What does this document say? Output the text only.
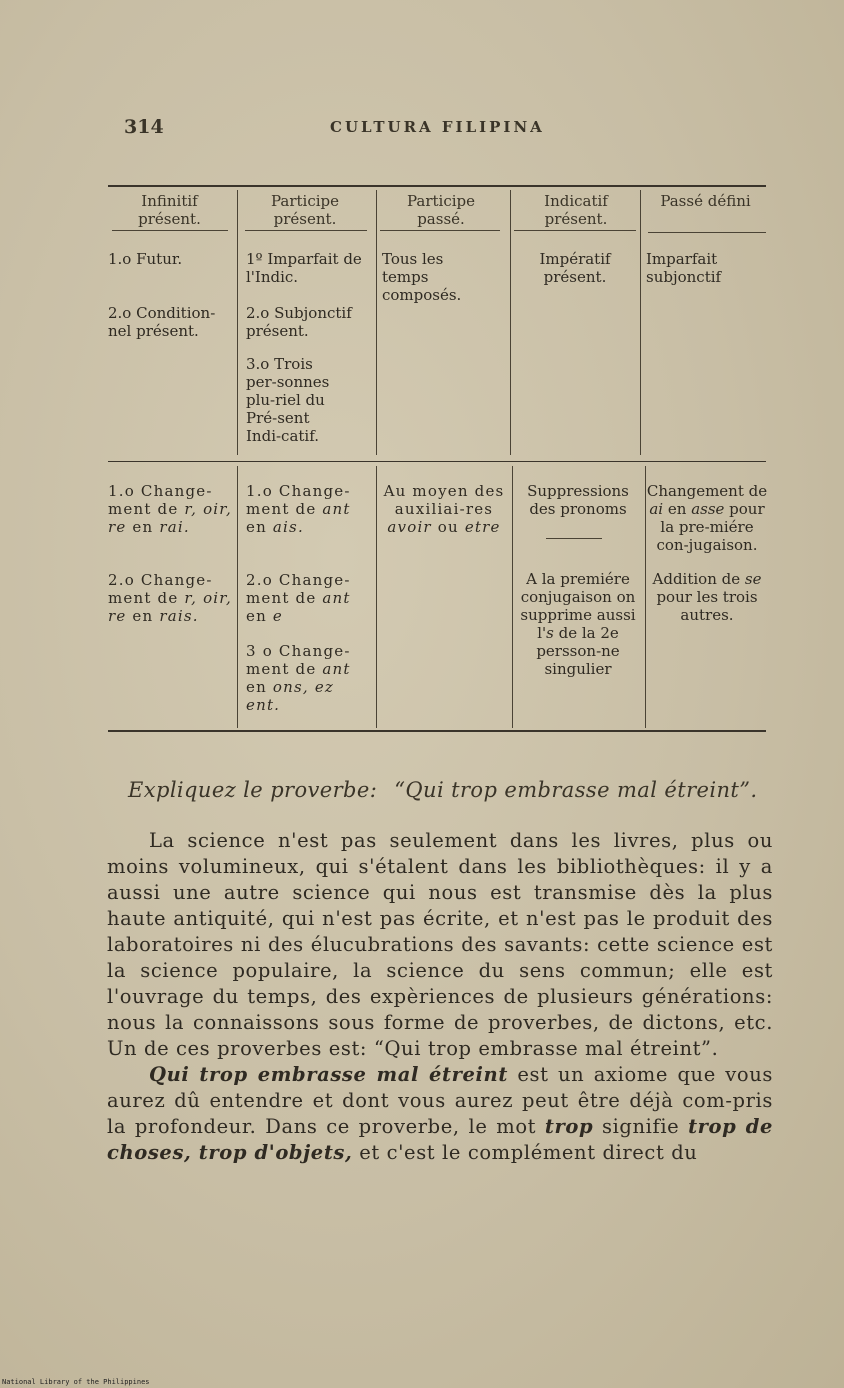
314	CULTURA FILIPINA
Infinitif présent.
Participe présent.
Participe passé.
Indicatif présent.
Passé défini
1.o Futur.
2.o Condition-nel présent.
1º Imparfait de l'Indic.
2.o Subjonctif présent.
3.o Trois per-sonnes plu-riel du Pré-sent Indi-catif.
Tous les temps composés.
Impératif présent.
Imparfait subjonctif
1.o Change-ment de r, oir, re en rai.
2.o Change-ment de r, oir, re en rais.
1.o Change-ment de ant en ais.
2.o Change-ment de ant en e
3 o Change-ment de ant en ons, ez ent.
Au moyen des auxiliai-res avoir ou etre
Suppressions des pronoms
A la premiére conjugaison on supprime aussi l's de la 2e persson-ne singulier
Changement de ai en asse pour la pre-miére con-jugaison.
Addition de se pour les trois autres.
Expliquez le proverbe: “Qui trop embrasse mal étreint”.

La science n'est pas seulement dans les livres, plus ou moins volumineux, qui s'étalent dans les bibliothèques: il y a aussi une autre science qui nous est transmise dès la plus haute antiquité, qui n'est pas écrite, et n'est pas le produit des laboratoires ni des élucubrations des savants: cette science est la science populaire, la science du sens commun; elle est l'ouvrage du temps, des expèriences de plusieurs générations: nous la connaissons sous forme de proverbes, de dictons, etc. Un de ces proverbes est: “Qui trop embrasse mal étreint”.

Qui trop embrasse mal étreint est un axiome que vous aurez dû entendre et dont vous aurez peut être déjà com-pris la profondeur. Dans ce proverbe, le mot trop signifie trop de choses, trop d'objets, et c'est le complément direct du

National Library of the Philippines
